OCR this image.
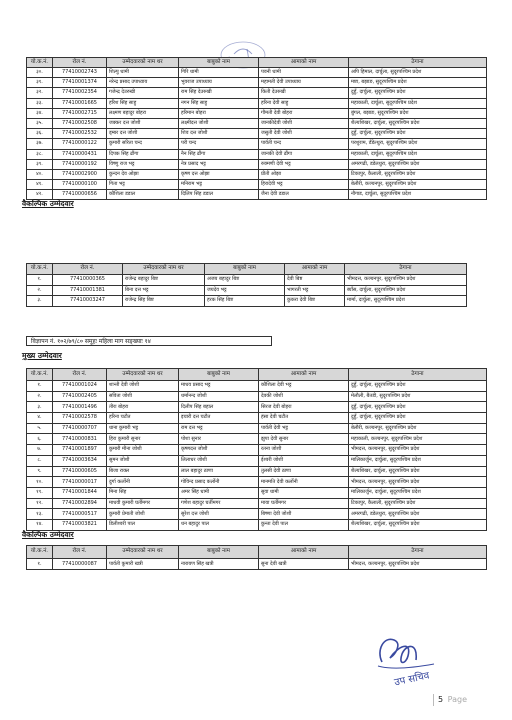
यो.क.नं.	रोल नं.	उम्मेदवारको नाम थर	बाबुको नाम	आमाको नाम	ठेगाना
३०.	77410002743	शिल्पु धामी	गिरि धामी	पवनी धामी	अपि हिमाल, दार्चुला, सुदूरपश्चिम प्रदेश
३१.	77410001374	नरेन्द्र प्रसाद उपाध्याय	भुवराज उपाध्याय	महामती देवी उपाध्याय	मष्टा, बझाङ, सुदूरपश्चिम प्रदेश
३२.	77410002354	गजेन्द्र देउरुखी	राम सिंह देउरुखी	किती देउरुखी	दुहुँ, दार्चुला, सुदूरपश्चिम प्रदेश
३३.	77410001665	हरिश सिंह साहु	नगन सिंह साहु	हरिना देवी साहु	महाकाली, दार्चुला, सुदूरपश्चिम प्रदेश
३४.	77410002715	लक्ष्मण बहादुर बोहरा	हरिमान बोहरा	गौमती देवी बोहरा	बुंगल, बझाङ, सुदूरपश्चिम प्रदेश
३५.	77410002508	जक्कर दत्त जोशी	लक्ष्मीदत्त जोशी	जानकीदेवी जोशी	शैल्यशिखर, दार्चुला, सुदूरपश्चिम प्रदेश
३६.	77410002532	ड्म्बर दत्त जोशी	शिव दत्त जोशी	जसुती देवी जोशी	दुहुँ, दार्चुला, सुदूरपश्चिम प्रदेश
३७.	77410000122	कुमारी सरिता चन्द	परी चन्द	पार्वती चन्द	परशुराम, डँडेल्धुरा, सुदूरपश्चिम प्रदेश
३८.	77410000431	दिपक सिंह ढौंगा	नैन सिंह ढौंगा	जानकी देवी ढौंगा	महाकाली, दार्चुला, सुदूरपश्चिम प्रदेश
३९.	77410000192	विष्णु राज भट्ट	नेत्र प्रसाद भट्ट	रुक्मणी देवी भट्ट	अमरगढी, डडेलधुरा, सुदूरपश्चिम प्रदेश
४०.	77410002900	कुन्दन देव ओझा	कृष्ण दत्त ओझा	प्रीती ओझा	टिकापुर, कैलाली, सुदूरपश्चिम प्रदेश
४१.	77410000100	गिता भट्ट	मनिराम भट्ट	हिरादेवी भट्ट	बेलौरी, कञ्चनपुर, सुदूरपश्चिम प्रदेश
४२.	77410000656	कौशिला डडाल	दिलिप सिंह डडाल	जैना देवी डडाल	नौगाड, दार्चुला, सुदूरपश्चिम प्रदेश
वैकल्पिक उम्मेदवार
यो.क.नं.	रोल नं.	उम्मेदवारको नाम थर	बाबुको नाम	आमाको नाम	ठेगाना
१.	77410000365	राजेन्द्र बहादुर बिष्ट	अजय बहादुर बिष्ट	देवी बिष्ट	भीमदत्त, कञ्चनपुर, सुदूरपश्चिम प्रदेश
२.	77410001381	बिना दत्त भट्ट	जयदेव भट्ट	भागरती भट्ट	ब्याँस, दार्चुला, सुदूरपश्चिम प्रदेश
३.	77410003247	राजेन्द्र सिंह बिष्ट	हरक सिंह बिष्ट	कुकरा देवी बिष्ट	मार्मा, दार्चुला, सुदूरपश्चिम प्रदेश
विज्ञापन नं. १०२/७९/८० समूहः महिला माग सङ्ख्याः १४
मुख्य उम्मेदवार
यो.क.नं.	रोल नं.	उम्मेदवारको नाम थर	बाबुको नाम	आमाको नाम	ठेगाना
१.	77410001024	शान्ती देवी जोशी	माधव प्रसाद भट्ट	कौशिला देवी भट्ट	दुहुँ, दार्चुला, सुदूरपश्चिम प्रदेश
२.	77410002405	सविता जोशी	धर्मानन्द जोशी	देवकी जोशी	मेलौली, बैतडी, सुदूरपश्चिम प्रदेश
३.	77410001496	तीरा बोहरा	दिलीप सिंह बहाल	सिरज देवी बोहरा	दुहुँ, दार्चुला, सुदूरपश्चिम प्रदेश
४.	77410002578	हरिना चटौत	इचारी दत्त चटौत	हंसा देवी चटौत	दुहुँ, दार्चुला, सुदूरपश्चिम प्रदेश
५.	77410000707	धाना कुमारी भट्ट	राम दत्त भट्ट	पार्वती देवी भट्ट	बेलौरी, कञ्चनपुर, सुदूरपश्चिम प्रदेश
६.	77410000831	हिरा कुमारी सुनार	पोशा सुनार	झुपा देवी सुनार	महाकाली, कञ्चनपुर, सुदूरपश्चिम प्रदेश
७.	77410001897	कुमारी मीना जोशी	कृष्णदत्त जोशी	रतना जोशी	भीमदत्त, कञ्चनपुर, सुदूरपश्चिम प्रदेश
८.	77410003634	सुमन जोशी	लिलाधर जोशी	ईश्वरी जोशी	मालिकार्जुन, दार्चुला, सुदूरपश्चिम प्रदेश
९.	77410000605	बिजा राक्ल	लाल बहादुर ठाणा	तुलसी देवी ठाणा	शैल्यशिखर, दार्चुला, सुदूरपश्चिम प्रदेश
१०.	77410000017	दुर्गा कर्लोनी	गोविन्द प्रसाद कर्लोनी	मानमति देवी कर्लोनी	भीमदत्त, कञ्चनपुर, सुदूरपश्चिम प्रदेश
११.	77410001844	मिना सिंह	अमर सिंह धामी	सुवा धामी	मालिकार्जुन, दार्चुला, सुदूरपश्चिम प्रदेश
१२.	77410002894	माधवी कुमारी घर्तीमगर	गणेश बहादुर घर्तीमगर	माया घर्तीमगर	टिकापुर, कैलाली, सुदूरपश्चिम प्रदेश
१३.	77410000517	कुमारी प्रेमाती जोशी	सुरेश दत्त जोशी	बिष्णा देवी जोशी	अमरगढी, डडेलधुरा, सुदूरपश्चिम प्रदेश
१४.	77410003821	डिलीश्वरी पाल	धन बहादुर पाल	कुन्ता देवी पाल	शैल्यशिखर, दार्चुला, सुदूरपश्चिम प्रदेश
वैकल्पिक उम्मेदवार
यो.क.नं.	रोल नं.	उम्मेदवारको नाम थर	बाबुको नाम	आमाको नाम	ठेगाना
१.	77410000087	पार्वती कुमारी खत्री	नारायण सिंह खत्री	सुना देवी खत्री	भीमदत्त, कञ्चनपुर, सुदूरपश्चिम प्रदेश
उप सचिव
5 Page
